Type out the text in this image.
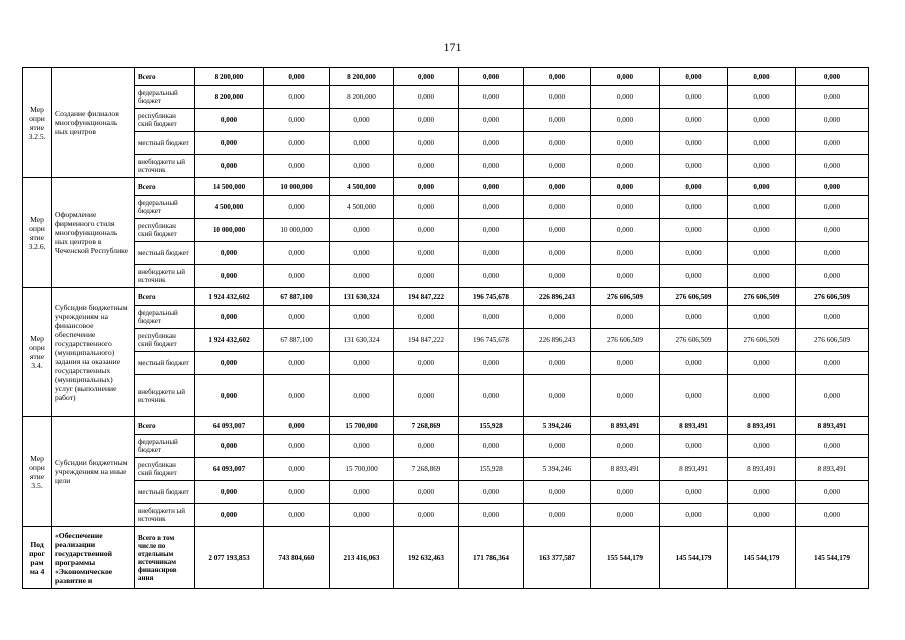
171
Мер
опри
ятие
3.2.5.	Создание филиалов многофункциональ ных центров	Всего	8 200,000	0,000	8 200,000	0,000	0,000	0,000	0,000	0,000	0,000	0,000
		федеральный бюджет	8 200,000	0,000	8 200,000	0,000	0,000	0,000	0,000	0,000	0,000	0,000
		республикан ский бюджет	0,000	0,000	0,000	0,000	0,000	0,000	0,000	0,000	0,000	0,000
		местный бюджет	0,000	0,000	0,000	0,000	0,000	0,000	0,000	0,000	0,000	0,000
		внебюджетн ый источник	0,000	0,000	0,000	0,000	0,000	0,000	0,000	0,000	0,000	0,000
Мер
опри
ятие
3.2.6.	Оформление фирменного стиля многофункциональ ных центров в Чеченской Республике	Всего	14 500,000	10 000,000	4 500,000	0,000	0,000	0,000	0,000	0,000	0,000	0,000
		федеральный бюджет	4 500,000	0,000	4 500,000	0,000	0,000	0,000	0,000	0,000	0,000	0,000
		республикан ский бюджет	10 000,000	10 000,000	0,000	0,000	0,000	0,000	0,000	0,000	0,000	0,000
		местный бюджет	0,000	0,000	0,000	0,000	0,000	0,000	0,000	0,000	0,000	0,000
		внебюджетн ый источник	0,000	0,000	0,000	0,000	0,000	0,000	0,000	0,000	0,000	0,000
Мер
опри
ятие
3.4.	Субсидии бюджетным учреждениям на финансовое обеспечение государственного (муниципального) задания на оказание государственных (муниципальных) услуг (выполнение работ)	Всего	1 924 432,602	67 887,100	131 630,324	194 847,222	196 745,678	226 896,243	276 606,509	276 606,509	276 606,509	276 606,509
		федеральный бюджет	0,000	0,000	0,000	0,000	0,000	0,000	0,000	0,000	0,000	0,000
		республикан ский бюджет	1 924 432,602	67 887,100	131 630,324	194 847,222	196 745,678	226 896,243	276 606,509	276 606,509	276 606,509	276 606,509
		местный бюджет	0,000	0,000	0,000	0,000	0,000	0,000	0,000	0,000	0,000	0,000
		внебюджетн ый источник	0,000	0,000	0,000	0,000	0,000	0,000	0,000	0,000	0,000	0,000
Мер
опри
ятие
3.5.	Субсидии бюджетным учреждениям на иные цели	Всего	64 093,007	0,000	15 700,000	7 268,869	155,928	5 394,246	8 893,491	8 893,491	8 893,491	8 893,491
		федеральный бюджет	0,000	0,000	0,000	0,000	0,000	0,000	0,000	0,000	0,000	0,000
		республикан ский бюджет	64 093,007	0,000	15 700,000	7 268,869	155,928	5 394,246	8 893,491	8 893,491	8 893,491	8 893,491
		местный бюджет	0,000	0,000	0,000	0,000	0,000	0,000	0,000	0,000	0,000	0,000
		внебюджетн ый источник	0,000	0,000	0,000	0,000	0,000	0,000	0,000	0,000	0,000	0,000
Под
прог
рам
ма 4	«Обеспечение реализации государственной программы «Экономическое развитие и	Всего в том числе по отдельным источникам финансиров ания	2 077 193,853	743 804,660	213 416,063	192 632,463	171 786,364	163 377,587	155 544,179	145 544,179	145 544,179	145 544,179
